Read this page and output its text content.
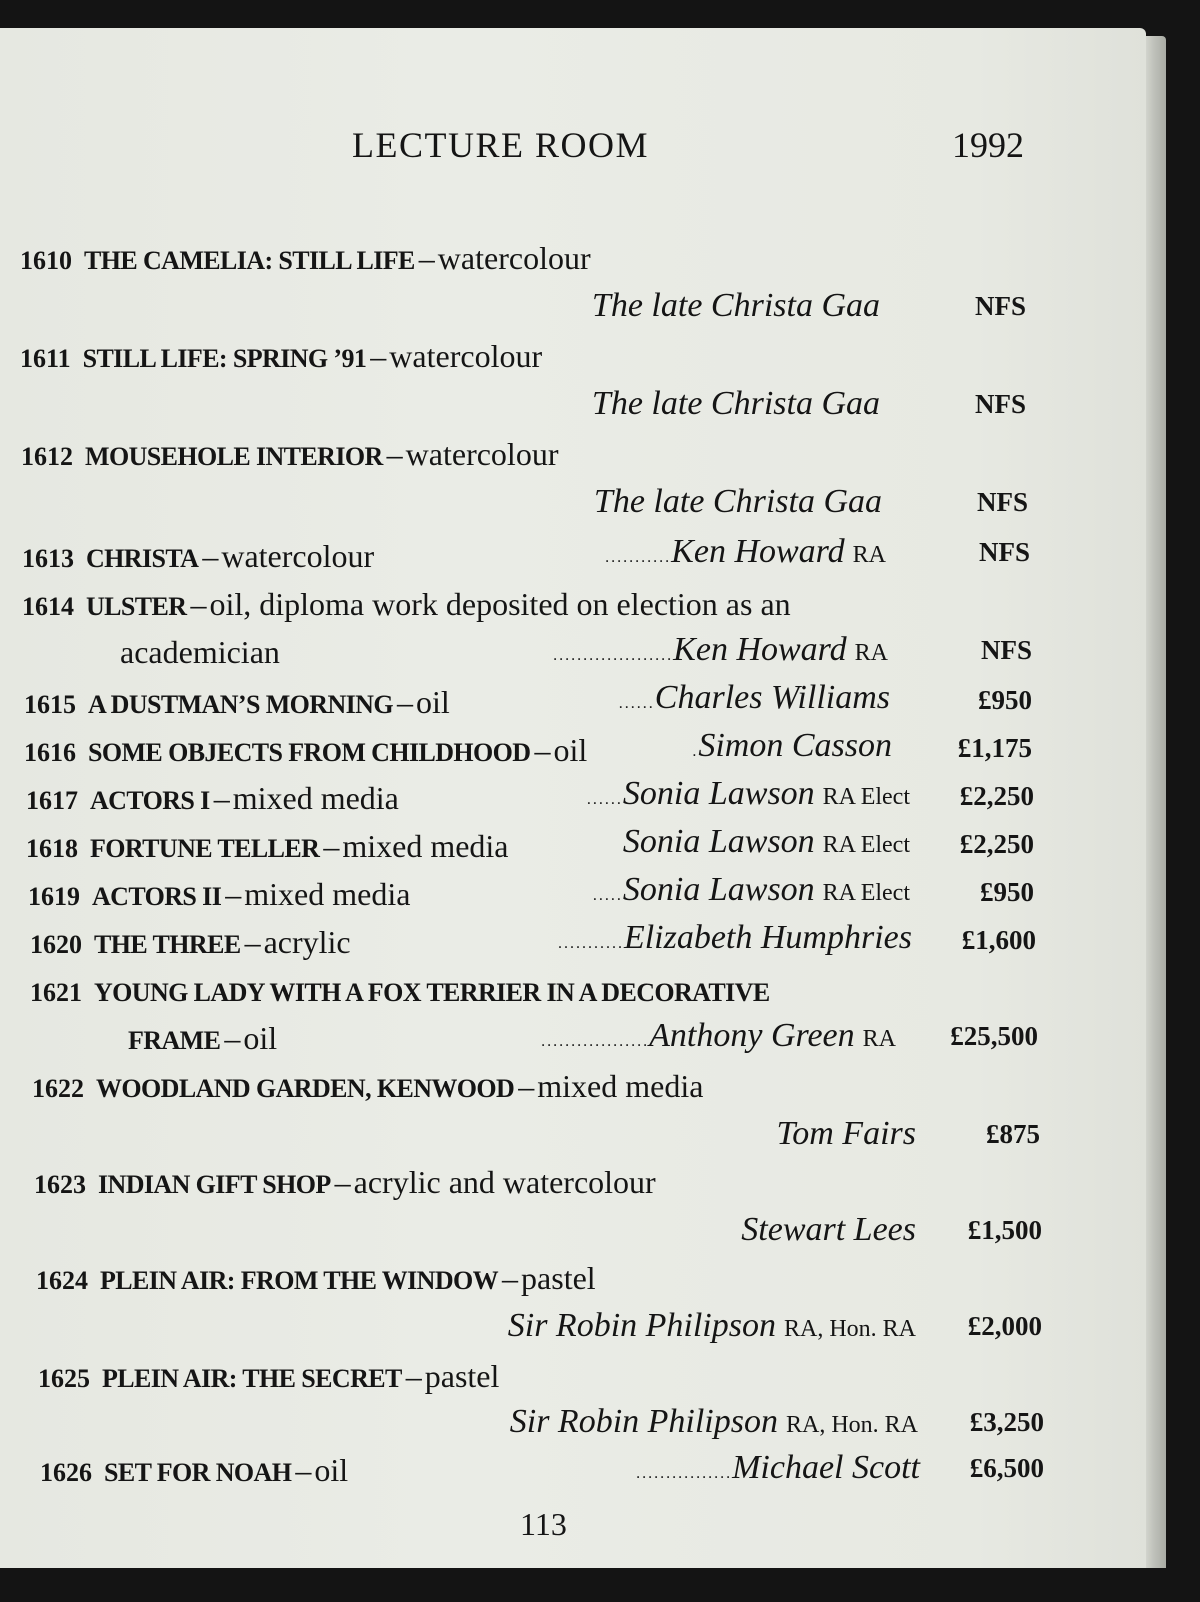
LECTURE ROOM	1992
1610 THE CAMELIA: STILL LIFE –watercolour
The late Christa Gaa	NFS
1611 STILL LIFE: SPRING ’91 –watercolour
The late Christa Gaa	NFS
1612 MOUSEHOLE INTERIOR –watercolour
The late Christa Gaa	NFS
1613 CHRISTA –watercolour	...........Ken Howard RA	NFS
1614 ULSTER –oil, diploma work deposited on election as an
academician	....................Ken Howard RA	NFS
1615 A DUSTMAN’S MORNING –oil	......Charles Williams	£950
1616 SOME OBJECTS FROM CHILDHOOD –oil	.Simon Casson	£1,175
1617 ACTORS I –mixed media	......Sonia Lawson RA Elect	£2,250
1618 FORTUNE TELLER –mixed media	Sonia Lawson RA Elect	£2,250
1619 ACTORS II –mixed media	.....Sonia Lawson RA Elect	£950
1620 THE THREE –acrylic	...........Elizabeth Humphries	£1,600
1621 YOUNG LADY WITH A FOX TERRIER IN A DECORATIVE
FRAME –oil	..................Anthony Green RA	£25,500
1622 WOODLAND GARDEN, KENWOOD –mixed media
Tom Fairs	£875
1623 INDIAN GIFT SHOP –acrylic and watercolour
Stewart Lees	£1,500
1624 PLEIN AIR: FROM THE WINDOW –pastel
Sir Robin Philipson RA, Hon. RA	£2,000
1625 PLEIN AIR: THE SECRET –pastel
Sir Robin Philipson RA, Hon. RA	£3,250
1626 SET FOR NOAH –oil	................Michael Scott	£6,500
113
